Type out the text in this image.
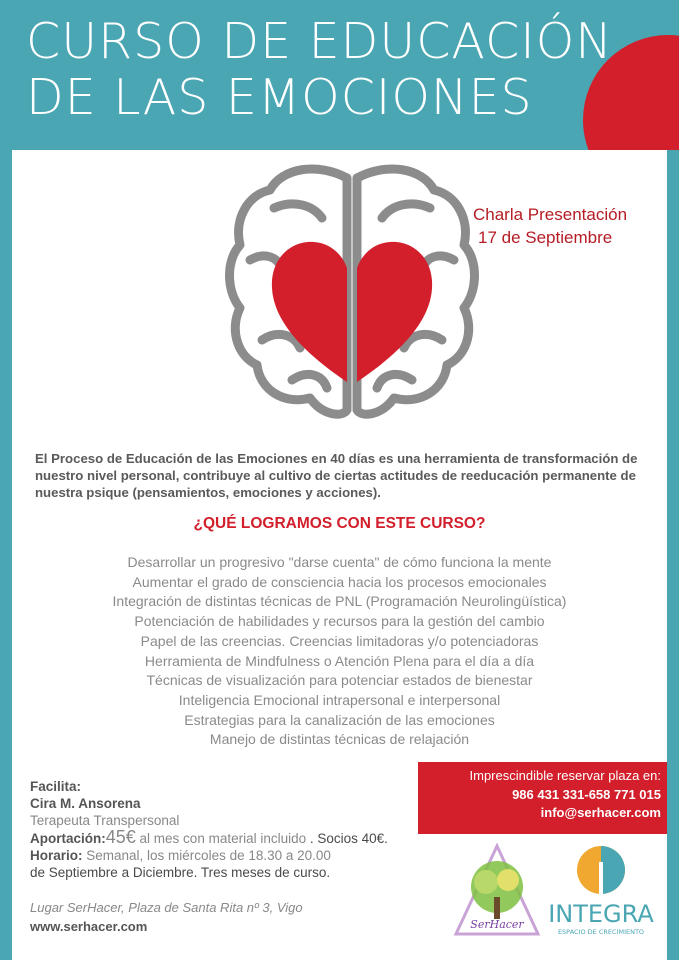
CURSO DE EDUCACIÓN
DE LAS EMOCIONES
Charla Presentación
17 de Septiembre

El Proceso de Educación de las Emociones en 40 días es una herramienta de transformación de nuestro nivel personal, contribuye al cultivo de ciertas actitudes de reeducación permanente de nuestra psique (pensamientos, emociones y acciones).

¿QUÉ LOGRAMOS CON ESTE CURSO?
Desarrollar un progresivo "darse cuenta" de cómo funciona la mente
Aumentar el grado de consciencia hacia los procesos emocionales
Integración de distintas técnicas de PNL (Programación Neurolingüística)
Potenciación de habilidades y recursos para la gestión del cambio
Papel de las creencias. Creencias limitadoras y/o potenciadoras
Herramienta de Mindfulness o Atención Plena para el día a día
Técnicas de visualización para potenciar estados de bienestar
Inteligencia Emocional intrapersonal e interpersonal
Estrategias para la canalización de las emociones
Manejo de distintas técnicas de relajación
Facilita:
Cira M. Ansorena
Terapeuta Transpersonal
Aportación:45€ al mes con material incluido . Socios 40€.
Horario: Semanal, los miércoles de 18.30 a 20.00
de Septiembre a Diciembre. Tres meses de curso.
Lugar SerHacer, Plaza de Santa Rita nº 3, Vigo
www.serhacer.com
Imprescindible reservar plaza en:
986 431 331-658 771 015
info@serhacer.com
SerHacer INTEGRA
ESPACIO DE CRECIMIENTO
